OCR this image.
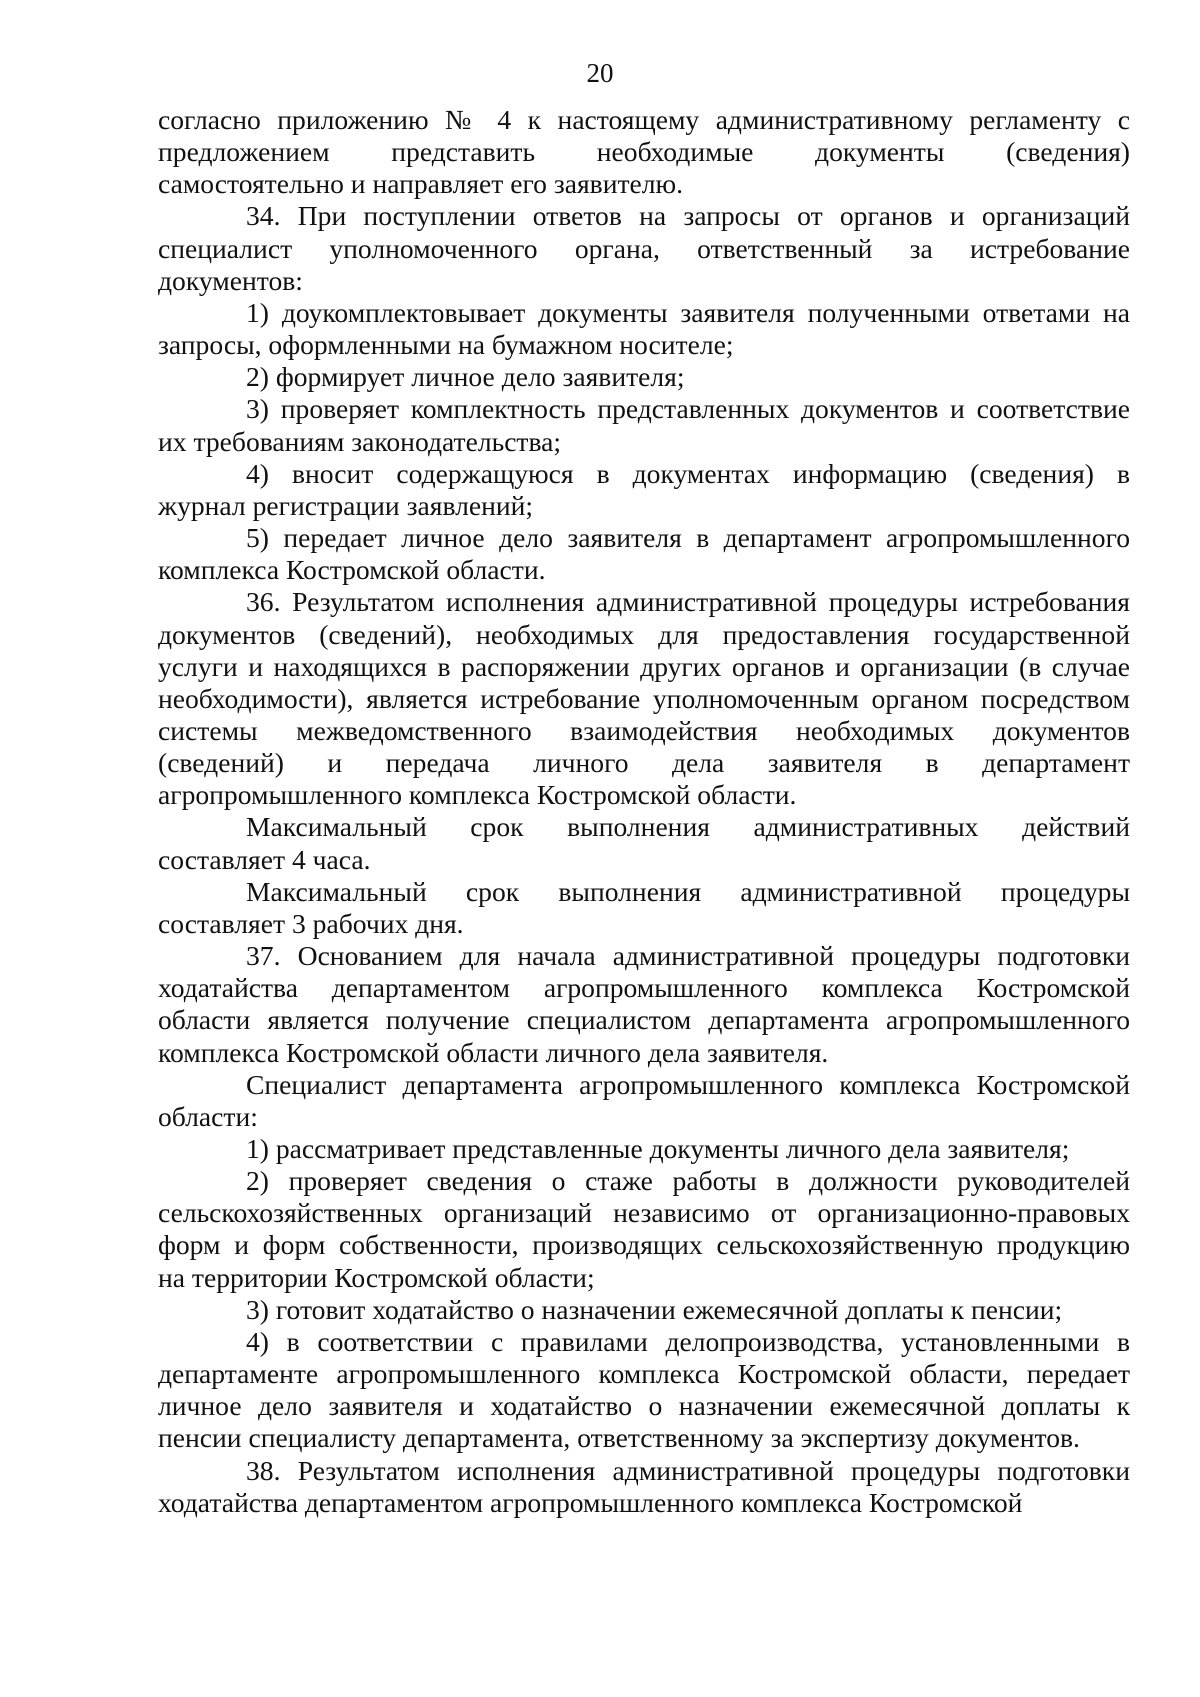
20

согласно приложению № 4 к настоящему административному регламенту с
предложением представить необходимые документы (сведения)
самостоятельно и направляет его заявителю.

34. При поступлении ответов на запросы от органов и организаций
специалист уполномоченного органа, ответственный за истребование
документов:

1) доукомплектовывает документы заявителя полученными ответами на
запросы, оформленными на бумажном носителе;

2) формирует личное дело заявителя;

3) проверяет комплектность представленных документов и соответствие
их требованиям законодательства;

4) вносит содержащуюся в документах информацию (сведения) в
журнал регистрации заявлений;

5) передает личное дело заявителя в департамент агропромышленного
комплекса Костромской области.

36. Результатом исполнения административной процедуры истребования
документов (сведений), необходимых для предоставления государственной
услуги и находящихся в распоряжении других органов и организации (в случае
необходимости), является истребование уполномоченным органом посредством
системы межведомственного взаимодействия необходимых документов
(сведений) и передача личного дела заявителя в департамент
агропромышленного комплекса Костромской области.

Максимальный срок выполнения административных действий
составляет 4 часа.

Максимальный срок выполнения административной процедуры
составляет 3 рабочих дня.

37. Основанием для начала административной процедуры подготовки
ходатайства департаментом агропромышленного комплекса Костромской
области является получение специалистом департамента агропромышленного
комплекса Костромской области личного дела заявителя.

Специалист департамента агропромышленного комплекса Костромской
области:

1) рассматривает представленные документы личного дела заявителя;

2) проверяет сведения о стаже работы в должности руководителей
сельскохозяйственных организаций независимо от организационно-правовых
форм и форм собственности, производящих сельскохозяйственную продукцию
на территории Костромской области;

3) готовит ходатайство о назначении ежемесячной доплаты к пенсии;

4) в соответствии с правилами делопроизводства, установленными в
департаменте агропромышленного комплекса Костромской области, передает
личное дело заявителя и ходатайство о назначении ежемесячной доплаты к
пенсии специалисту департамента, ответственному за экспертизу документов.

38. Результатом исполнения административной процедуры подготовки
ходатайства департаментом агропромышленного комплекса Костромской
